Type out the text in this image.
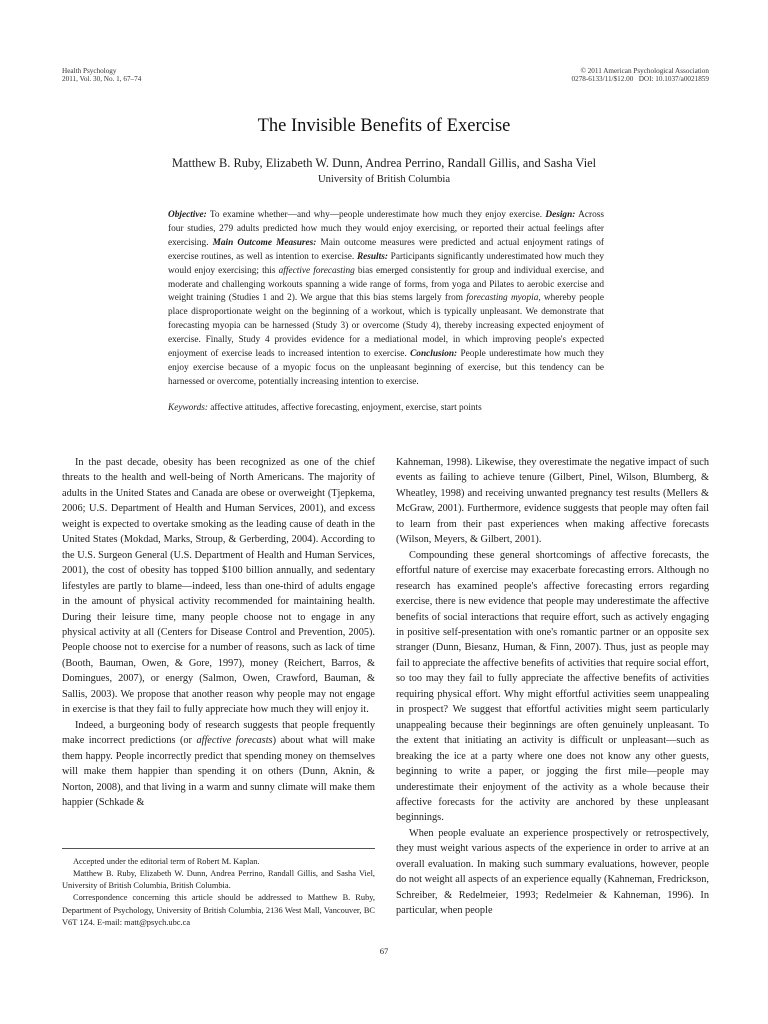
Health Psychology
2011, Vol. 30, No. 1, 67–74
© 2011 American Psychological Association
0278-6133/11/$12.00   DOI: 10.1037/a0021859
The Invisible Benefits of Exercise
Matthew B. Ruby, Elizabeth W. Dunn, Andrea Perrino, Randall Gillis, and Sasha Viel
University of British Columbia
Objective: To examine whether—and why—people underestimate how much they enjoy exercise. Design: Across four studies, 279 adults predicted how much they would enjoy exercising, or reported their actual feelings after exercising. Main Outcome Measures: Main outcome measures were predicted and actual enjoyment ratings of exercise routines, as well as intention to exercise. Results: Participants significantly underestimated how much they would enjoy exercising; this affective forecasting bias emerged consistently for group and individual exercise, and moderate and challenging workouts spanning a wide range of forms, from yoga and Pilates to aerobic exercise and weight training (Studies 1 and 2). We argue that this bias stems largely from forecasting myopia, whereby people place disproportionate weight on the beginning of a workout, which is typically unpleasant. We demonstrate that forecasting myopia can be harnessed (Study 3) or overcome (Study 4), thereby increasing expected enjoyment of exercise. Finally, Study 4 provides evidence for a mediational model, in which improving people's expected enjoyment of exercise leads to increased intention to exercise. Conclusion: People underestimate how much they enjoy exercise because of a myopic focus on the unpleasant beginning of exercise, but this tendency can be harnessed or overcome, potentially increasing intention to exercise.
Keywords: affective attitudes, affective forecasting, enjoyment, exercise, start points

In the past decade, obesity has been recognized as one of the chief threats to the health and well-being of North Americans. The majority of adults in the United States and Canada are obese or overweight (Tjepkema, 2006; U.S. Department of Health and Human Services, 2001), and excess weight is expected to overtake smoking as the leading cause of death in the United States (Mokdad, Marks, Stroup, & Gerberding, 2004). According to the U.S. Surgeon General (U.S. Department of Health and Human Services, 2001), the cost of obesity has topped $100 billion annually, and sedentary lifestyles are partly to blame—indeed, less than one-third of adults engage in the amount of physical activity recommended for maintaining health. During their leisure time, many people choose not to engage in any physical activity at all (Centers for Disease Control and Prevention, 2005). People choose not to exercise for a number of reasons, such as lack of time (Booth, Bauman, Owen, & Gore, 1997), money (Reichert, Barros, & Domingues, 2007), or energy (Salmon, Owen, Crawford, Bauman, & Sallis, 2003). We propose that another reason why people may not engage in exercise is that they fail to fully appreciate how much they will enjoy it.

Indeed, a burgeoning body of research suggests that people frequently make incorrect predictions (or affective forecasts) about what will make them happy. People incorrectly predict that spending money on themselves will make them happier than spending it on others (Dunn, Aknin, & Norton, 2008), and that living in a warm and sunny climate will make them happier (Schkade &

Accepted under the editorial term of Robert M. Kaplan.

Matthew B. Ruby, Elizabeth W. Dunn, Andrea Perrino, Randall Gillis, and Sasha Viel, University of British Columbia, British Columbia.

Correspondence concerning this article should be addressed to Matthew B. Ruby, Department of Psychology, University of British Columbia, 2136 West Mall, Vancouver, BC V6T 1Z4. E-mail: matt@psych.ubc.ca

Kahneman, 1998). Likewise, they overestimate the negative impact of such events as failing to achieve tenure (Gilbert, Pinel, Wilson, Blumberg, & Wheatley, 1998) and receiving unwanted pregnancy test results (Mellers & McGraw, 2001). Furthermore, evidence suggests that people may often fail to learn from their past experiences when making affective forecasts (Wilson, Meyers, & Gilbert, 2001).

Compounding these general shortcomings of affective forecasts, the effortful nature of exercise may exacerbate forecasting errors. Although no research has examined people's affective forecasting errors regarding exercise, there is new evidence that people may underestimate the affective benefits of social interactions that require effort, such as actively engaging in positive self-presentation with one's romantic partner or an opposite sex stranger (Dunn, Biesanz, Human, & Finn, 2007). Thus, just as people may fail to appreciate the affective benefits of activities that require social effort, so too may they fail to fully appreciate the affective benefits of activities requiring physical effort. Why might effortful activities seem unappealing in prospect? We suggest that effortful activities might seem particularly unappealing because their beginnings are often genuinely unpleasant. To the extent that initiating an activity is difficult or unpleasant—such as breaking the ice at a party where one does not know any other guests, beginning to write a paper, or jogging the first mile—people may underestimate their enjoyment of the activity as a whole because their affective forecasts for the activity are anchored by these unpleasant beginnings.

When people evaluate an experience prospectively or retrospectively, they must weight various aspects of the experience in order to arrive at an overall evaluation. In making such summary evaluations, however, people do not weight all aspects of an experience equally (Kahneman, Fredrickson, Schreiber, & Redelmeier, 1993; Redelmeier & Kahneman, 1996). In particular, when people

67
